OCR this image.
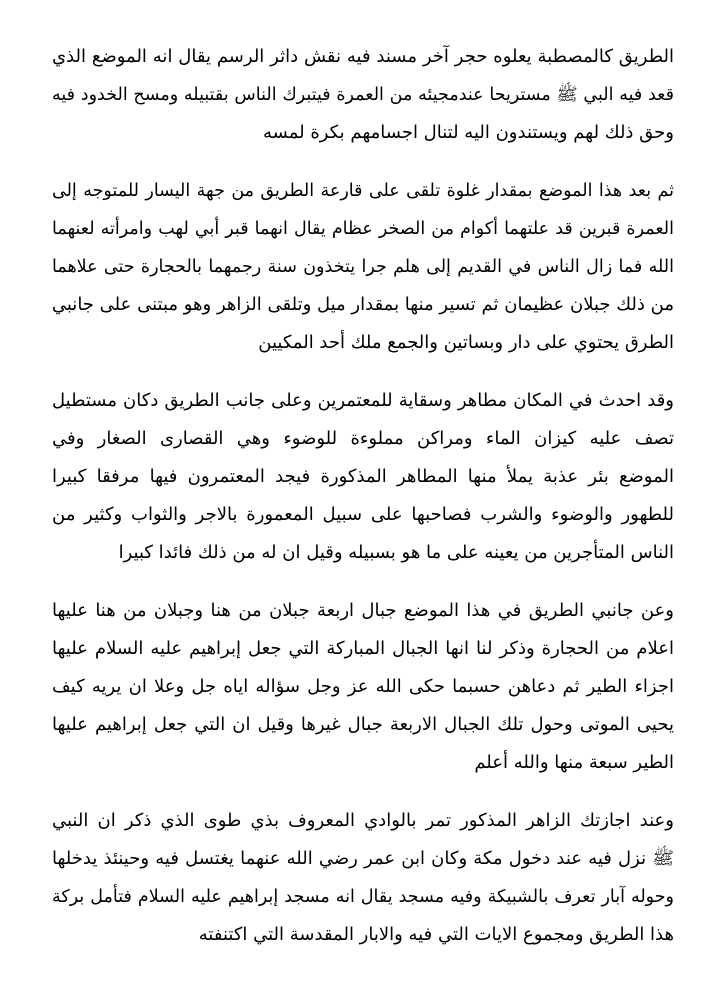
الطريق كالمصطبة يعلوه حجر آخر مسند فيه نقش داثر الرسم يقال انه الموضع الذي
قعد فيه البي ﷺ مستريحا عندمجيئه من العمرة فيتبرك الناس بقتبيله ومسح الخدود فيه
وحق ذلك لهم ويستندون اليه لتنال اجسامهم بكرة لمسه
ثم بعد هذا الموضع بمقدار غلوة تلقى على قارعة الطريق من جهة اليسار للمتوجه إلى
العمرة قبرين قد علتهما أكوام من الصخر عظام يقال انهما قبر أبي لهب وامرأته لعنهما
الله فما زال الناس في القديم إلى هلم جرا يتخذون سنة رجمهما بالحجارة حتى علاهما
من ذلك جبلان عظيمان ثم تسير منها بمقدار ميل وتلقى الزاهر وهو مبتنى على جانبي
الطرق يحتوي على دار وبساتين والجمع ملك أحد المكيين
وقد احدث في المكان مطاهر وسقاية للمعتمرين وعلى جانب الطريق دكان مستطيل
تصف عليه كيزان الماء ومراكن مملوءة للوضوء وهي القصارى الصغار وفي
الموضع بئر عذبة يملأ منها المطاهر المذكورة فيجد المعتمرون فيها مرفقا كبيرا
للطهور والوضوء والشرب فصاحبها على سبيل المعمورة بالاجر والثواب وكثير من
الناس المتأجرين من يعينه على ما هو بسبيله وقيل ان له من ذلك فائدا كبيرا
وعن جانبي الطريق في هذا الموضع جبال اربعة جبلان من هنا وجبلان من هنا عليها
اعلام من الحجارة وذكر لنا انها الجبال المباركة التي جعل إبراهيم عليه السلام عليها
اجزاء الطير ثم دعاهن حسبما حكى الله عز وجل سؤاله اياه جل وعلا ان يريه كيف
يحيى الموتى وحول تلك الجبال الاربعة جبال غيرها وقيل ان التي جعل إبراهيم عليها
الطير سبعة منها والله أعلم
وعند اجازتك الزاهر المذكور تمر بالوادي المعروف بذي طوى الذي ذكر ان النبي
ﷺ نزل فيه عند دخول مكة وكان ابن عمر رضي الله عنهما يغتسل فيه وحينئذ يدخلها
وحوله آبار تعرف بالشبيكة وفيه مسجد يقال انه مسجد إبراهيم عليه السلام فتأمل بركة
هذا الطريق ومجموع الايات التي فيه والابار المقدسة التي اكتنفته
